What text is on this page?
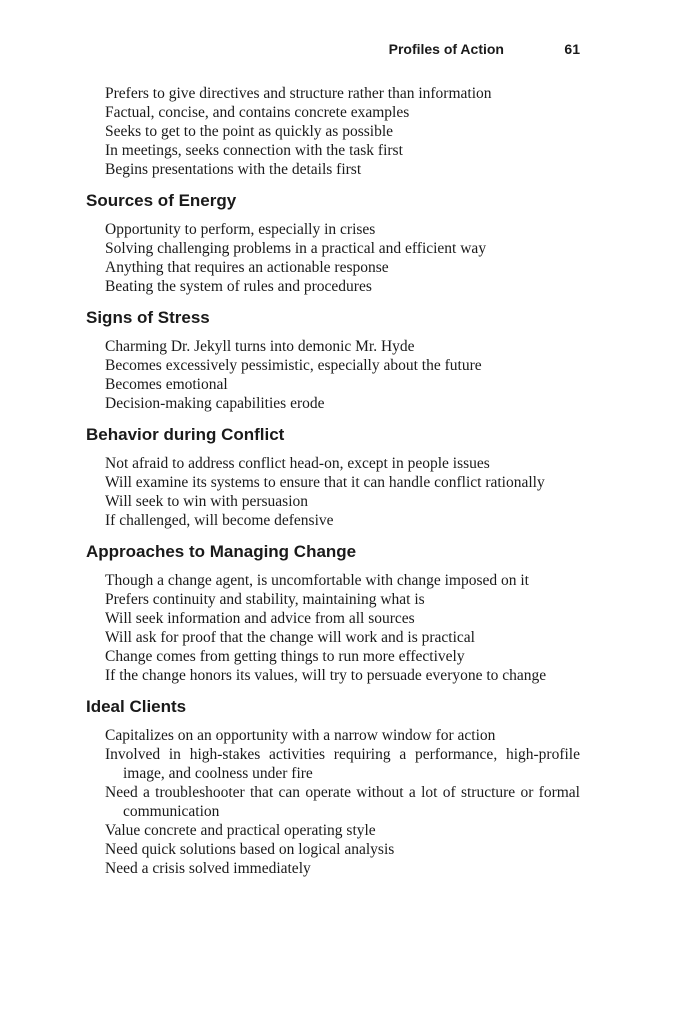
Profiles of Action	61
Prefers to give directives and structure rather than information
Factual, concise, and contains concrete examples
Seeks to get to the point as quickly as possible
In meetings, seeks connection with the task first
Begins presentations with the details first
Sources of Energy
Opportunity to perform, especially in crises
Solving challenging problems in a practical and efficient way
Anything that requires an actionable response
Beating the system of rules and procedures
Signs of Stress
Charming Dr. Jekyll turns into demonic Mr. Hyde
Becomes excessively pessimistic, especially about the future
Becomes emotional
Decision-making capabilities erode
Behavior during Conflict
Not afraid to address conflict head-on, except in people issues
Will examine its systems to ensure that it can handle conflict rationally
Will seek to win with persuasion
If challenged, will become defensive
Approaches to Managing Change
Though a change agent, is uncomfortable with change imposed on it
Prefers continuity and stability, maintaining what is
Will seek information and advice from all sources
Will ask for proof that the change will work and is practical
Change comes from getting things to run more effectively
If the change honors its values, will try to persuade everyone to change
Ideal Clients
Capitalizes on an opportunity with a narrow window for action
Involved in high-stakes activities requiring a performance, high-profile image, and coolness under fire
Need a troubleshooter that can operate without a lot of structure or formal communication
Value concrete and practical operating style
Need quick solutions based on logical analysis
Need a crisis solved immediately
